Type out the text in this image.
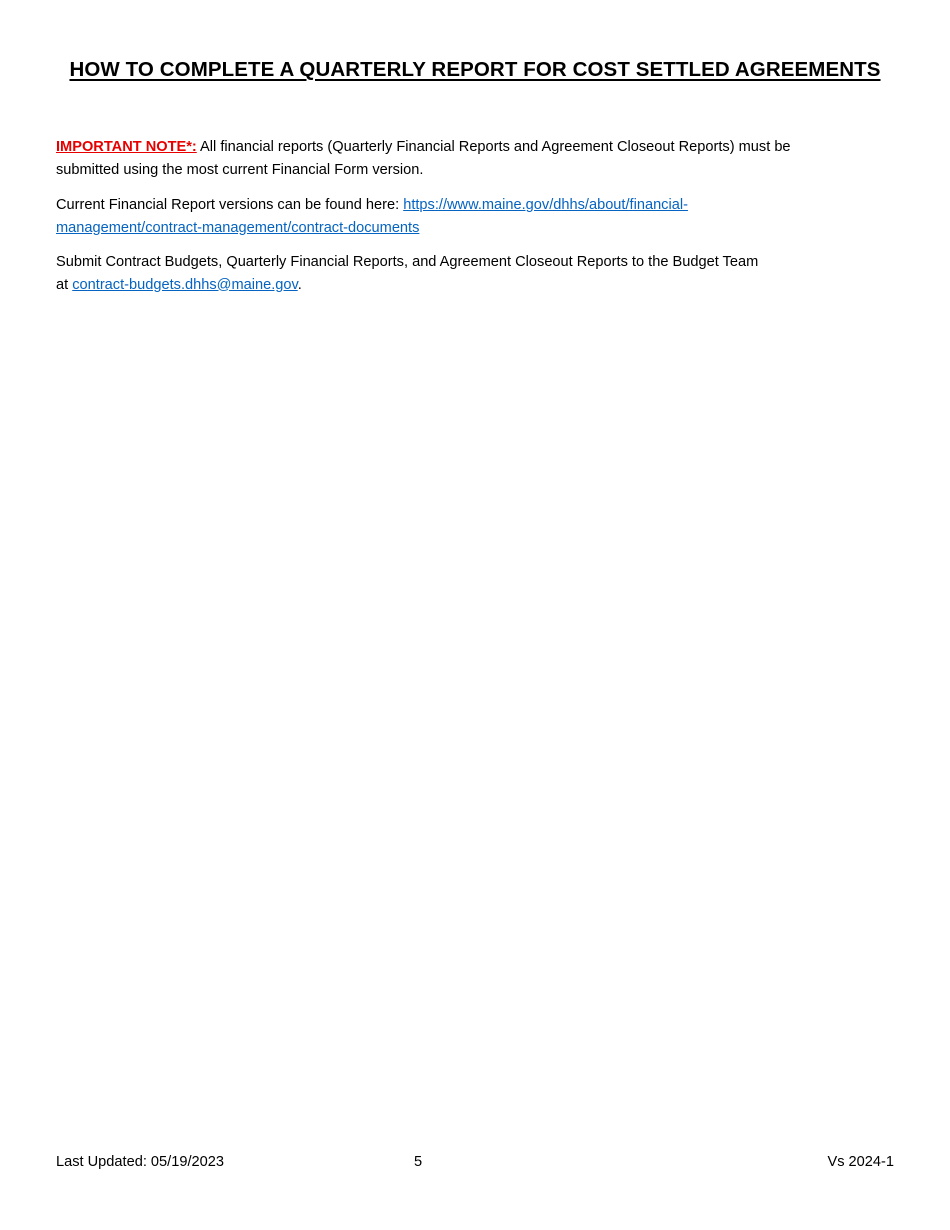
HOW TO COMPLETE A QUARTERLY REPORT FOR COST SETTLED AGREEMENTS

IMPORTANT NOTE*: All financial reports (Quarterly Financial Reports and Agreement Closeout Reports) must be submitted using the most current Financial Form version.

Current Financial Report versions can be found here: https://www.maine.gov/dhhs/about/financial-
management/contract-management/contract-documents

Submit Contract Budgets, Quarterly Financial Reports, and Agreement Closeout Reports to the Budget Team
at contract-budgets.dhhs@maine.gov.

Last Updated: 05/19/2023	5	Vs 2024-1
